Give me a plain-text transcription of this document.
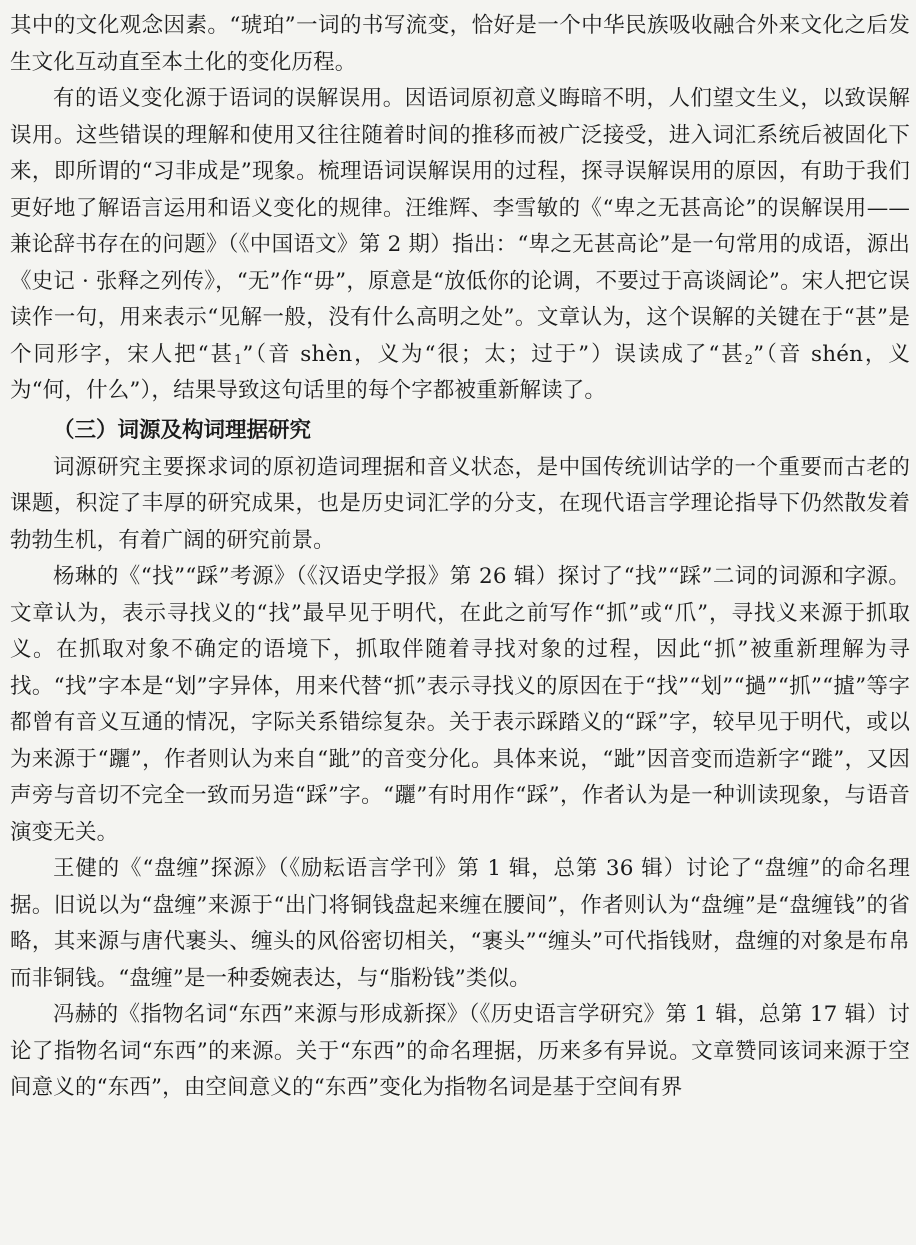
其中的文化观念因素。“琥珀”一词的书写流变，恰好是一个中华民族吸收融合外来文化之后发生文化互动直至本土化的变化历程。

有的语义变化源于语词的误解误用。因语词原初意义晦暗不明，人们望文生义，以致误解误用。这些错误的理解和使用又往往随着时间的推移而被广泛接受，进入词汇系统后被固化下来，即所谓的“习非成是”现象。梳理语词误解误用的过程，探寻误解误用的原因，有助于我们更好地了解语言运用和语义变化的规律。汪维辉、李雪敏的《“卑之无甚高论”的误解误用——兼论辞书存在的问题》（《中国语文》第 2 期）指出：“卑之无甚高论”是一句常用的成语，源出《史记 · 张释之列传》，“无”作“毋”，原意是“放低你的论调，不要过于高谈阔论”。宋人把它误读作一句，用来表示“见解一般，没有什么高明之处”。文章认为，这个误解的关键在于“甚”是个同形字，宋人把“甚$_1$”（音 shèn，义为“很；太；过于”）误读成了“甚$_2$”（音 shén，义为“何，什么”），结果导致这句话里的每个字都被重新解读了。

（三）词源及构词理据研究

词源研究主要探求词的原初造词理据和音义状态，是中国传统训诂学的一个重要而古老的课题，积淀了丰厚的研究成果，也是历史词汇学的分支，在现代语言学理论指导下仍然散发着勃勃生机，有着广阔的研究前景。

杨琳的《“找”“踩”考源》（《汉语史学报》第 26 辑）探讨了“找”“踩”二词的词源和字源。文章认为，表示寻找义的“找”最早见于明代，在此之前写作“抓”或“爪”，寻找义来源于抓取义。在抓取对象不确定的语境下，抓取伴随着寻找对象的过程，因此“抓”被重新理解为寻找。“找”字本是“划”字异体，用来代替“抓”表示寻找义的原因在于“找”“划”“撾”“抓”“摣”等字都曾有音义互通的情况，字际关系错综复杂。关于表示踩踏义的“踩”字，较早见于明代，或以为来源于“躧”，作者则认为来自“跐”的音变分化。具体来说，“跐”因音变而造新字“蹝”，又因声旁与音切不完全一致而另造“踩”字。“躧”有时用作“踩”，作者认为是一种训读现象，与语音演变无关。

王健的《“盘缠”探源》（《励耘语言学刊》第 1 辑，总第 36 辑）讨论了“盘缠”的命名理据。旧说以为“盘缠”来源于“出门将铜钱盘起来缠在腰间”，作者则认为“盘缠”是“盘缠钱”的省略，其来源与唐代裹头、缠头的风俗密切相关，“裹头”“缠头”可代指钱财，盘缠的对象是布帛而非铜钱。“盘缠”是一种委婉表达，与“脂粉钱”类似。

冯赫的《指物名词“东西”来源与形成新探》（《历史语言学研究》第 1 辑，总第 17 辑）讨论了指物名词“东西”的来源。关于“东西”的命名理据，历来多有异说。文章赞同该词来源于空间意义的“东西”，由空间意义的“东西”变化为指物名词是基于空间有界
